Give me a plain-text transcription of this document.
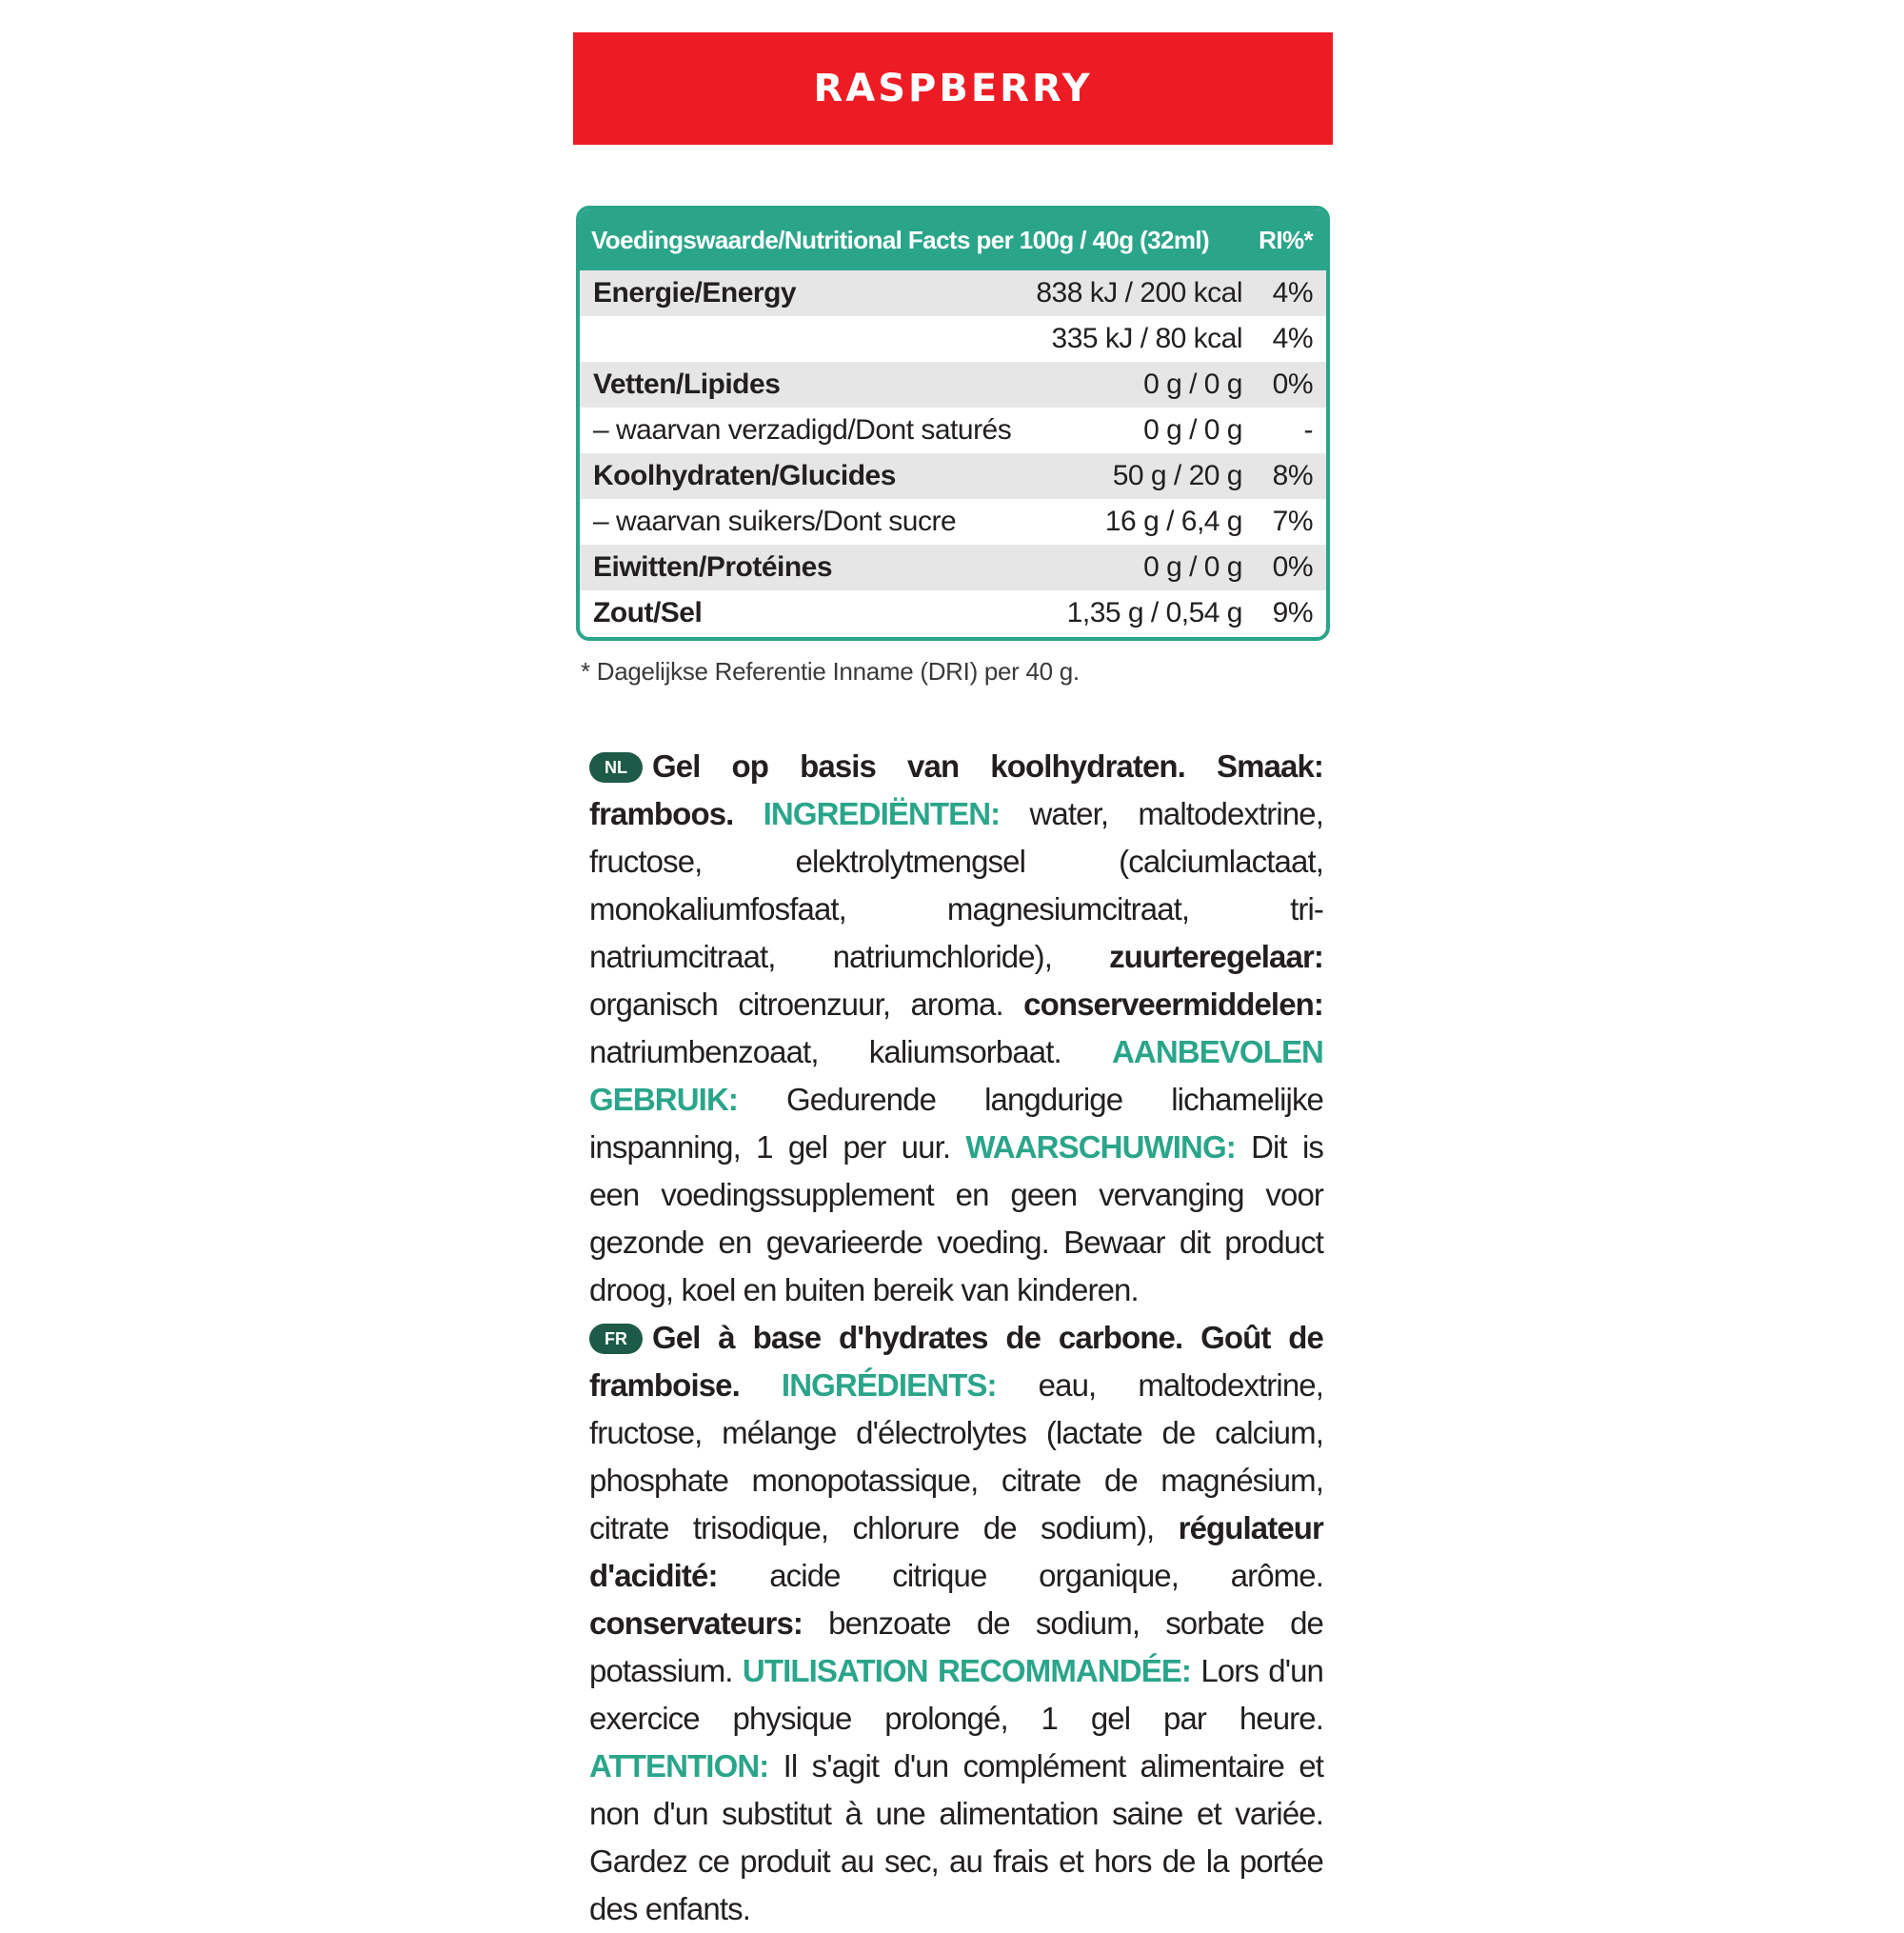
RASPBERRY
Voedingswaarde/Nutritional Facts per 100g / 40g (32ml)	RI%*
Energie/Energy	838 kJ / 200 kcal	4%
335 kJ / 80 kcal	4%
Vetten/Lipides	0 g / 0 g	0%
– waarvan verzadigd/Dont saturés	0 g / 0 g	-
Koolhydraten/Glucides	50 g / 20 g	8%
– waarvan suikers/Dont sucre	16 g / 6,4 g	7%
Eiwitten/Protéines	0 g / 0 g	0%
Zout/Sel	1,35 g / 0,54 g	9%
* Dagelijkse Referentie Inname (DRI) per 40 g.
NL Gel op basis van koolhydraten. Smaak: framboos. INGREDIËNTEN: water, maltodextrine, fructose, elektrolytmengsel (calciumlactaat, monokaliumfosfaat, magnesiumcitraat, tri-natriumcitraat, natriumchloride), zuurteregelaar: organisch citroenzuur, aroma. conserveermiddelen: natriumbenzoaat, kaliumsorbaat. AANBEVOLEN GEBRUIK: Gedurende langdurige lichamelijke inspanning, 1 gel per uur. WAARSCHUWING: Dit is een voedingssupplement en geen vervanging voor gezonde en gevarieerde voeding. Bewaar dit product droog, koel en buiten bereik van kinderen.
FR Gel à base d'hydrates de carbone. Goût de framboise. INGRÉDIENTS: eau, maltodextrine, fructose, mélange d'électrolytes (lactate de calcium, phosphate monopotassique, citrate de magnésium, citrate trisodique, chlorure de sodium), régulateur d'acidité: acide citrique organique, arôme. conservateurs: benzoate de sodium, sorbate de potassium. UTILISATION RECOMMANDÉE: Lors d'un exercice physique prolongé, 1 gel par heure. ATTENTION: Il s'agit d'un complément alimentaire et non d'un substitut à une alimentation saine et variée. Gardez ce produit au sec, au frais et hors de la portée des enfants.
